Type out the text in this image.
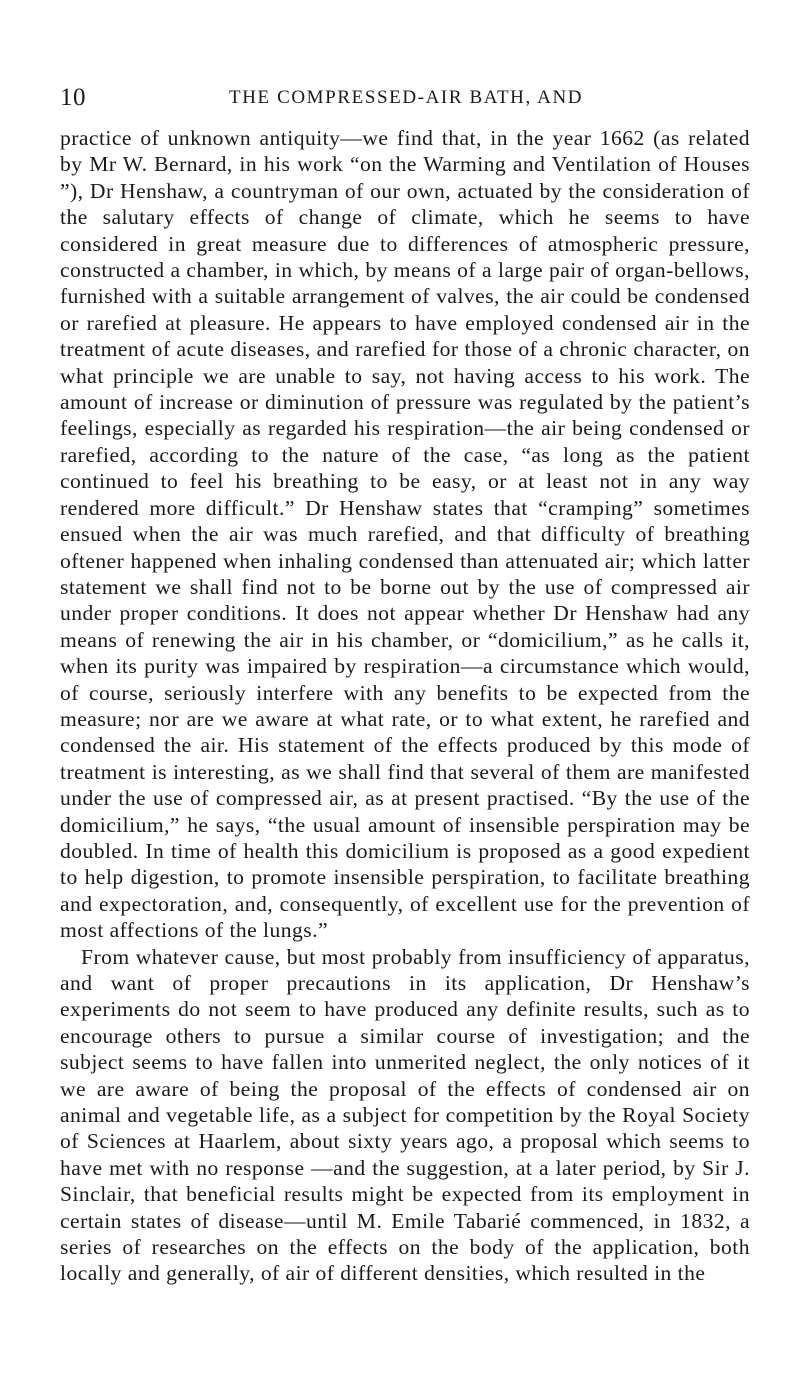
10	THE COMPRESSED-AIR BATH, AND

practice of unknown antiquity—we find that, in the year 1662 (as related by Mr W. Bernard, in his work “on the Warming and Ventilation of Houses ”), Dr Henshaw, a countryman of our own, actuated by the consideration of the salutary effects of change of climate, which he seems to have considered in great measure due to differences of atmospheric pressure, constructed a chamber, in which, by means of a large pair of organ-bellows, furnished with a suitable arrangement of valves, the air could be condensed or rarefied at pleasure. He appears to have employed condensed air in the treatment of acute diseases, and rarefied for those of a chronic character, on what principle we are unable to say, not having access to his work. The amount of increase or diminution of pressure was regulated by the patient’s feelings, especially as regarded his respiration—the air being condensed or rarefied, according to the nature of the case, “as long as the patient continued to feel his breathing to be easy, or at least not in any way rendered more difficult.” Dr Henshaw states that “cramping” sometimes ensued when the air was much rarefied, and that difficulty of breathing oftener happened when inhaling condensed than attenuated air; which latter statement we shall find not to be borne out by the use of compressed air under proper conditions. It does not appear whether Dr Henshaw had any means of renewing the air in his chamber, or “domicilium,” as he calls it, when its purity was impaired by respiration—a circumstance which would, of course, seriously interfere with any benefits to be expected from the measure; nor are we aware at what rate, or to what extent, he rarefied and condensed the air. His statement of the effects produced by this mode of treatment is interesting, as we shall find that several of them are manifested under the use of compressed air, as at present practised. “By the use of the domicilium,” he says, “the usual amount of insensible perspiration may be doubled. In time of health this domicilium is proposed as a good expedient to help digestion, to promote insensible perspiration, to facilitate breathing and expectoration, and, consequently, of excellent use for the prevention of most affections of the lungs.”

From whatever cause, but most probably from insufficiency of apparatus, and want of proper precautions in its application, Dr Henshaw’s experiments do not seem to have produced any definite results, such as to encourage others to pursue a similar course of investigation; and the subject seems to have fallen into unmerited neglect, the only notices of it we are aware of being the proposal of the effects of condensed air on animal and vegetable life, as a subject for competition by the Royal Society of Sciences at Haarlem, about sixty years ago, a proposal which seems to have met with no response —and the suggestion, at a later period, by Sir J. Sinclair, that beneficial results might be expected from its employment in certain states of disease—until M. Emile Tabarié commenced, in 1832, a series of researches on the effects on the body of the application, both locally and generally, of air of different densities, which resulted in the
